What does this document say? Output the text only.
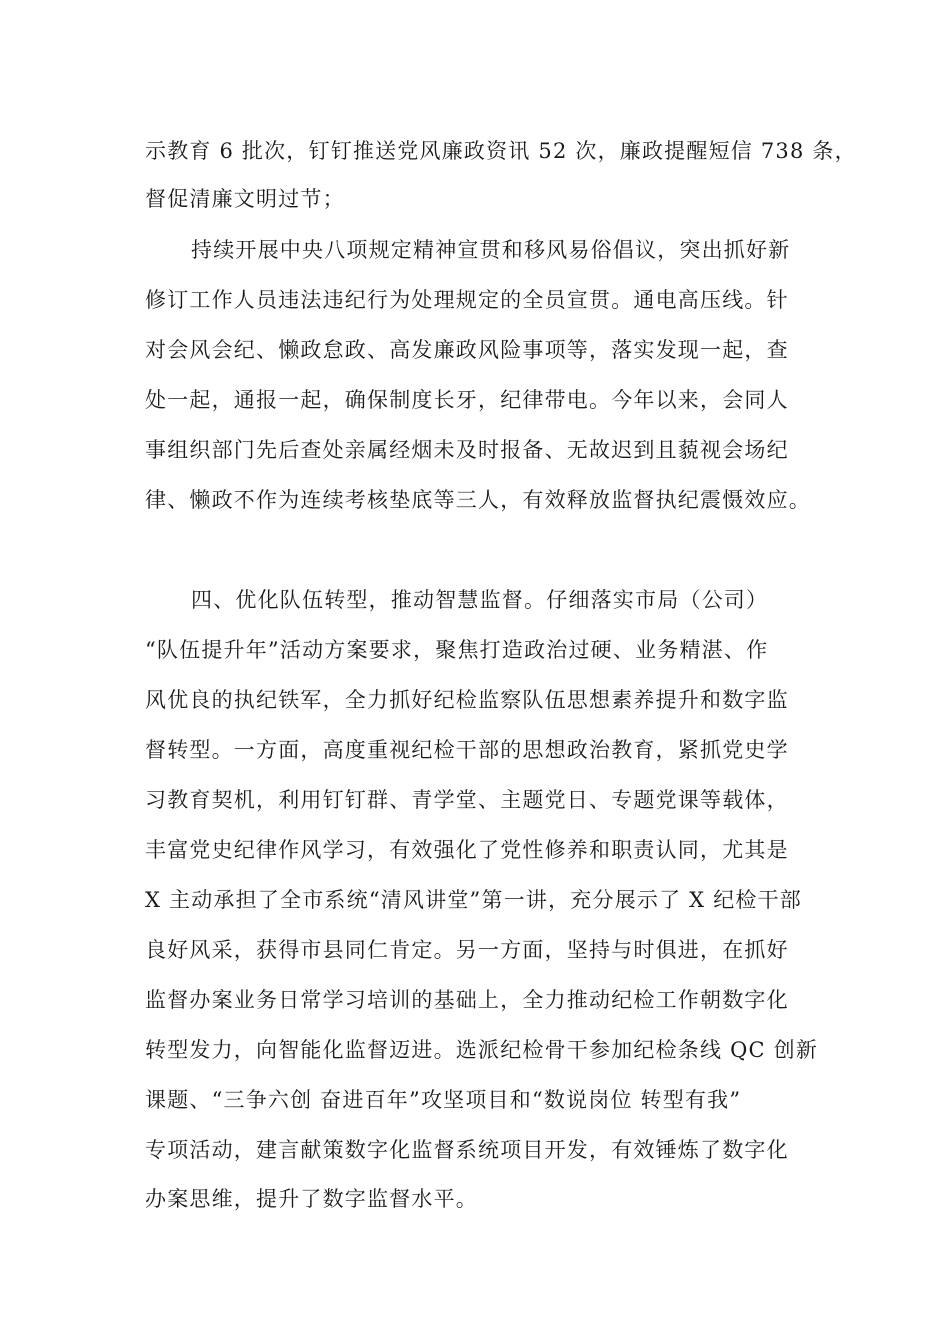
示教育 6 批次，钉钉推送党风廉政资讯 52 次，廉政提醒短信 738 条，
督促清廉文明过节；
持续开展中央八项规定精神宣贯和移风易俗倡议，突出抓好新
修订工作人员违法违纪行为处理规定的全员宣贯。通电高压线。针
对会风会纪、懒政怠政、高发廉政风险事项等，落实发现一起，查
处一起，通报一起，确保制度长牙，纪律带电。今年以来，会同人
事组织部门先后查处亲属经烟未及时报备、无故迟到且藐视会场纪
律、懒政不作为连续考核垫底等三人，有效释放监督执纪震慑效应。
四、优化队伍转型，推动智慧监督。仔细落实市局（公司）
“队伍提升年”活动方案要求，聚焦打造政治过硬、业务精湛、作
风优良的执纪铁军，全力抓好纪检监察队伍思想素养提升和数字监
督转型。一方面，高度重视纪检干部的思想政治教育，紧抓党史学
习教育契机，利用钉钉群、青学堂、主题党日、专题党课等载体，
丰富党史纪律作风学习，有效强化了党性修养和职责认同，尤其是
X 主动承担了全市系统“清风讲堂”第一讲，充分展示了 X 纪检干部
良好风采，获得市县同仁肯定。另一方面，坚持与时俱进，在抓好
监督办案业务日常学习培训的基础上，全力推动纪检工作朝数字化
转型发力，向智能化监督迈进。选派纪检骨干参加纪检条线 QC 创新
课题、“三争六创 奋进百年”攻坚项目和“数说岗位 转型有我”
专项活动，建言献策数字化监督系统项目开发，有效锤炼了数字化
办案思维，提升了数字监督水平。
